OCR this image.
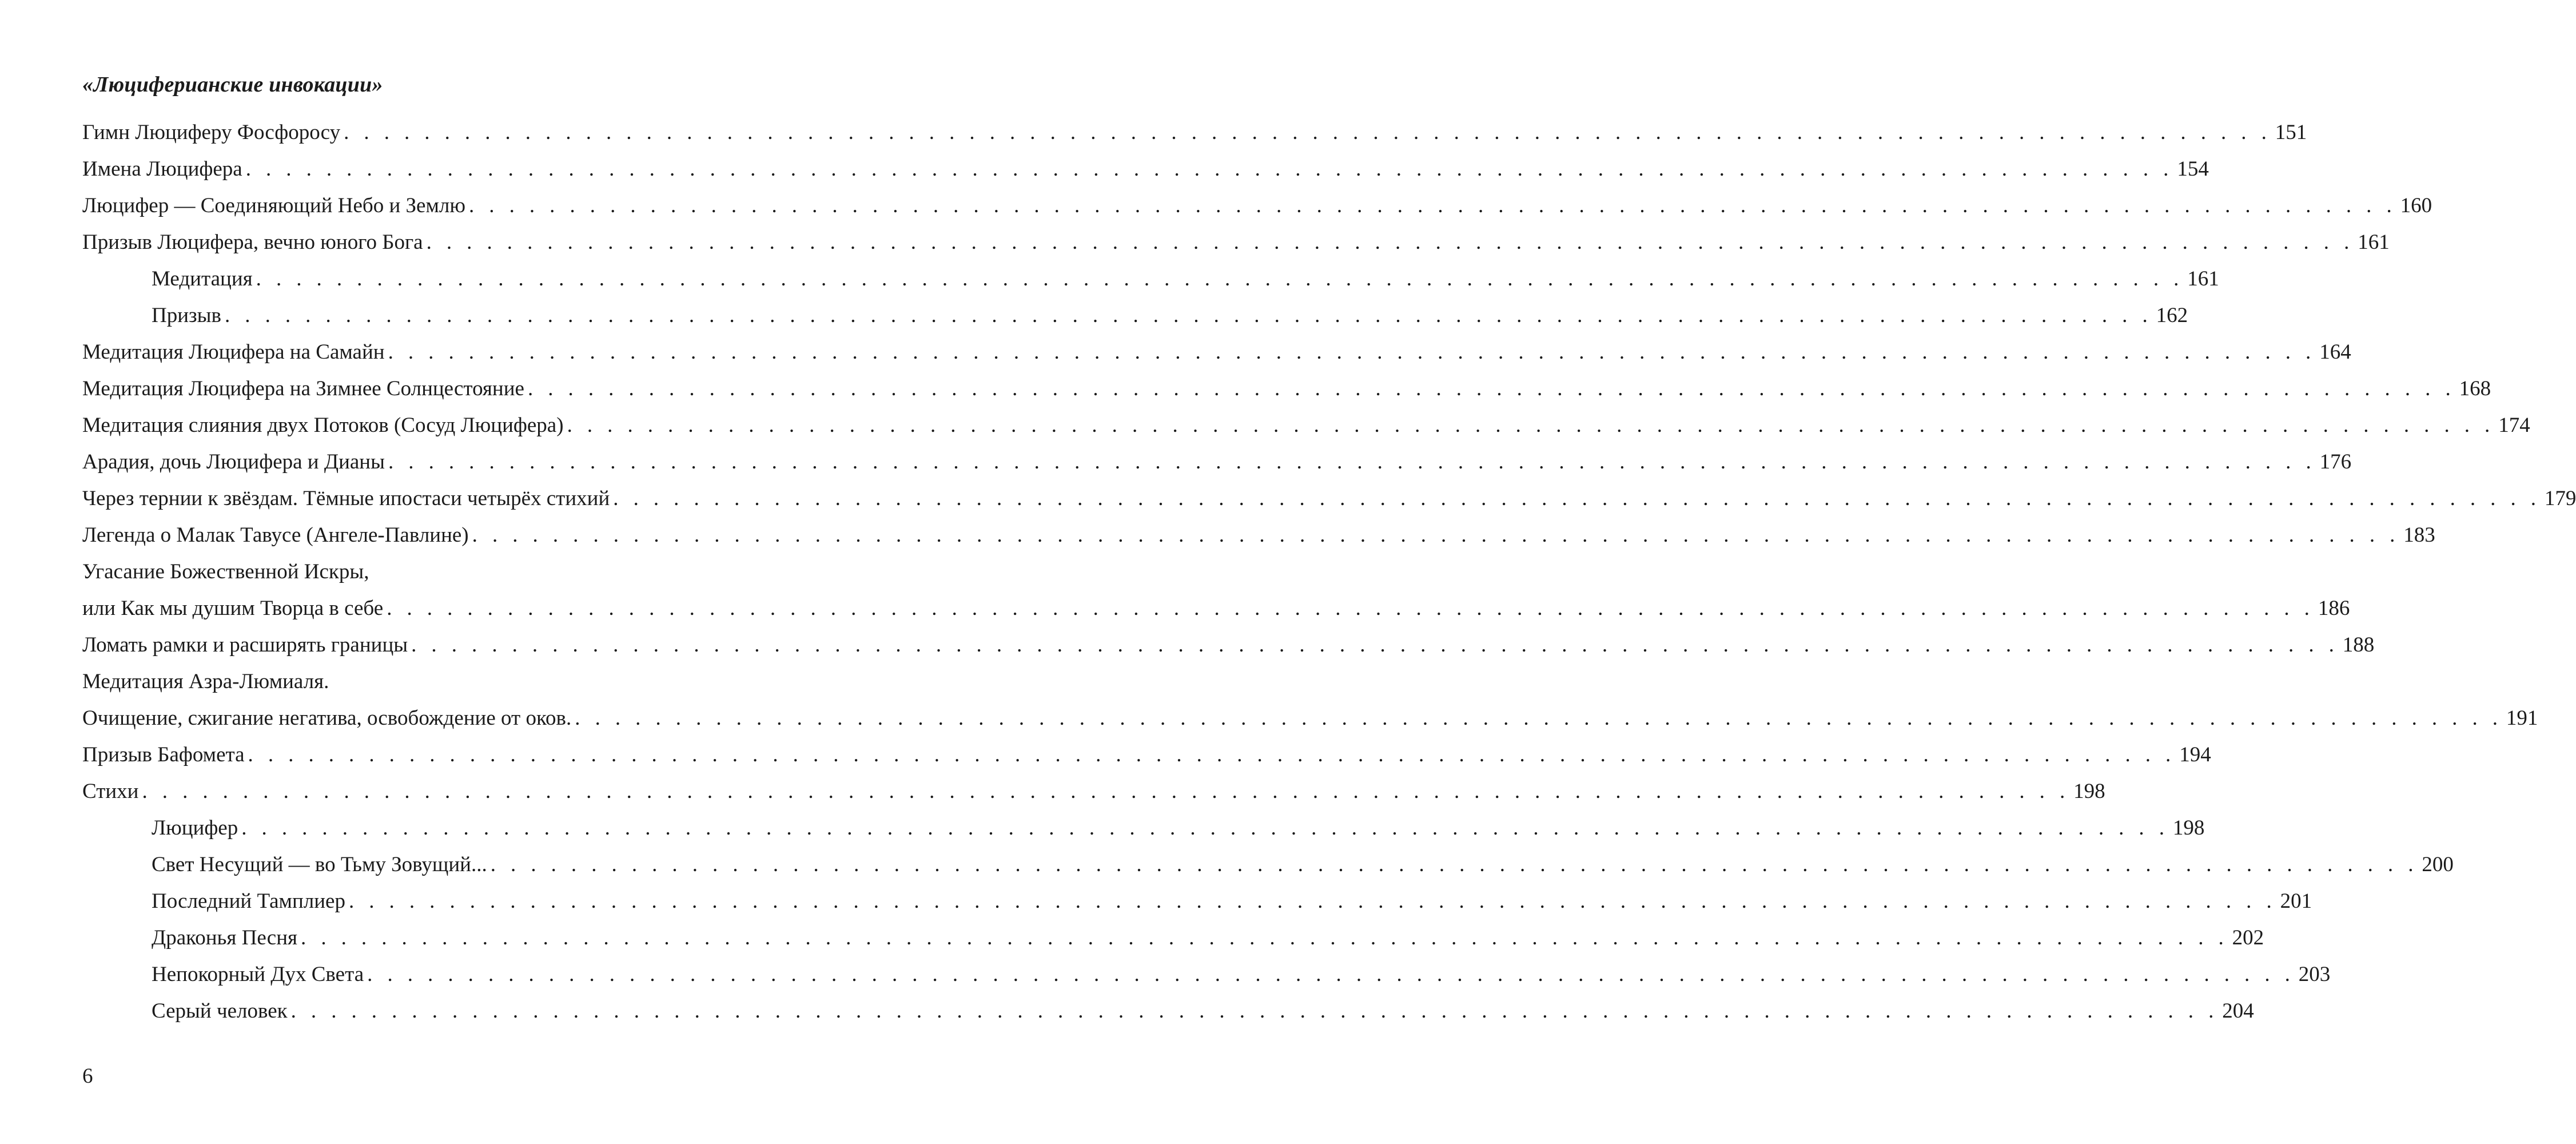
«Люциферианские инвокации»
Гимн Люциферу Фосфоросу . . . . . . . . . . . . . . . . . . . . . . . . . . . . . . . . . . . . . . . . . . . . . . . . . . . . . . . . . . . . . . . . . . . . . . . . . . . . . . . . . . . . . . . . . . . . . . . . 151
Имена Люцифера . . . . . . . . . . . . . . . . . . . . . . . . . . . . . . . . . . . . . . . . . . . . . . . . . . . . . . . . . . . . . . . . . . . . . . . . . . . . . . . . . . . . . . . . . . . . . . . . 154
Люцифер — Соединяющий Небо и Землю . . . . . . . . . . . . . . . . . . . . . . . . . . . . . . . . . . . . . . . . . . . . . . . . . . . . . . . . . . . . . . . . . . . . . . . . . . . . . . . . . . . . . . . . . . . . . . . . 160
Призыв Люцифера, вечно юного Бога . . . . . . . . . . . . . . . . . . . . . . . . . . . . . . . . . . . . . . . . . . . . . . . . . . . . . . . . . . . . . . . . . . . . . . . . . . . . . . . . . . . . . . . . . . . . . . . . 161
Медитация . . . . . . . . . . . . . . . . . . . . . . . . . . . . . . . . . . . . . . . . . . . . . . . . . . . . . . . . . . . . . . . . . . . . . . . . . . . . . . . . . . . . . . . . . . . . . . . . 161
Призыв . . . . . . . . . . . . . . . . . . . . . . . . . . . . . . . . . . . . . . . . . . . . . . . . . . . . . . . . . . . . . . . . . . . . . . . . . . . . . . . . . . . . . . . . . . . . . . . . 162
Медитация Люцифера на Самайн . . . . . . . . . . . . . . . . . . . . . . . . . . . . . . . . . . . . . . . . . . . . . . . . . . . . . . . . . . . . . . . . . . . . . . . . . . . . . . . . . . . . . . . . . . . . . . . . 164
Медитация Люцифера на Зимнее Солнцестояние . . . . . . . . . . . . . . . . . . . . . . . . . . . . . . . . . . . . . . . . . . . . . . . . . . . . . . . . . . . . . . . . . . . . . . . . . . . . . . . . . . . . . . . . . . . . . . . . 168
Медитация слияния двух Потоков (Сосуд Люцифера) . . . . . . . . . . . . . . . . . . . . . . . . . . . . . . . . . . . . . . . . . . . . . . . . . . . . . . . . . . . . . . . . . . . . . . . . . . . . . . . . . . . . . . . . . . . . . . . . 174
Арадия, дочь Люцифера и Дианы . . . . . . . . . . . . . . . . . . . . . . . . . . . . . . . . . . . . . . . . . . . . . . . . . . . . . . . . . . . . . . . . . . . . . . . . . . . . . . . . . . . . . . . . . . . . . . . . 176
Через тернии к звёздам. Тёмные ипостаси четырёх стихий . . . . . . . . . . . . . . . . . . . . . . . . . . . . . . . . . . . . . . . . . . . . . . . . . . . . . . . . . . . . . . . . . . . . . . . . . . . . . . . . . . . . . . . . . . . . . . . . 179
Легенда о Малак Тавусе (Ангеле-Павлине) . . . . . . . . . . . . . . . . . . . . . . . . . . . . . . . . . . . . . . . . . . . . . . . . . . . . . . . . . . . . . . . . . . . . . . . . . . . . . . . . . . . . . . . . . . . . . . . . 183
Угасание Божественной Искры,
или Как мы душим Творца в себе . . . . . . . . . . . . . . . . . . . . . . . . . . . . . . . . . . . . . . . . . . . . . . . . . . . . . . . . . . . . . . . . . . . . . . . . . . . . . . . . . . . . . . . . . . . . . . . . 186
Ломать рамки и расширять границы . . . . . . . . . . . . . . . . . . . . . . . . . . . . . . . . . . . . . . . . . . . . . . . . . . . . . . . . . . . . . . . . . . . . . . . . . . . . . . . . . . . . . . . . . . . . . . . . 188
Медитация Азра-Люмиаля.
Очищение, сжигание негатива, освобождение от оков. . . . . . . . . . . . . . . . . . . . . . . . . . . . . . . . . . . . . . . . . . . . . . . . . . . . . . . . . . . . . . . . . . . . . . . . . . . . . . . . . . . . . . . . . . . . . . . . . 191
Призыв Бафомета . . . . . . . . . . . . . . . . . . . . . . . . . . . . . . . . . . . . . . . . . . . . . . . . . . . . . . . . . . . . . . . . . . . . . . . . . . . . . . . . . . . . . . . . . . . . . . . . 194
Стихи . . . . . . . . . . . . . . . . . . . . . . . . . . . . . . . . . . . . . . . . . . . . . . . . . . . . . . . . . . . . . . . . . . . . . . . . . . . . . . . . . . . . . . . . . . . . . . . . 198
Люцифер . . . . . . . . . . . . . . . . . . . . . . . . . . . . . . . . . . . . . . . . . . . . . . . . . . . . . . . . . . . . . . . . . . . . . . . . . . . . . . . . . . . . . . . . . . . . . . . . 198
Свет Несущий — во Тьму Зовущий... . . . . . . . . . . . . . . . . . . . . . . . . . . . . . . . . . . . . . . . . . . . . . . . . . . . . . . . . . . . . . . . . . . . . . . . . . . . . . . . . . . . . . . . . . . . . . . . . 200
Последний Тамплиер . . . . . . . . . . . . . . . . . . . . . . . . . . . . . . . . . . . . . . . . . . . . . . . . . . . . . . . . . . . . . . . . . . . . . . . . . . . . . . . . . . . . . . . . . . . . . . . . 201
Драконья Песня . . . . . . . . . . . . . . . . . . . . . . . . . . . . . . . . . . . . . . . . . . . . . . . . . . . . . . . . . . . . . . . . . . . . . . . . . . . . . . . . . . . . . . . . . . . . . . . . 202
Непокорный Дух Света . . . . . . . . . . . . . . . . . . . . . . . . . . . . . . . . . . . . . . . . . . . . . . . . . . . . . . . . . . . . . . . . . . . . . . . . . . . . . . . . . . . . . . . . . . . . . . . . 203
Серый человек . . . . . . . . . . . . . . . . . . . . . . . . . . . . . . . . . . . . . . . . . . . . . . . . . . . . . . . . . . . . . . . . . . . . . . . . . . . . . . . . . . . . . . . . . . . . . . . . 204
6
